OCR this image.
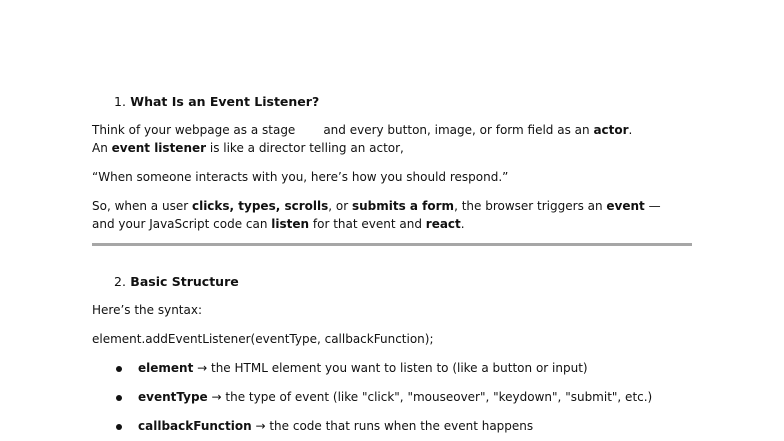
1. What Is an Event Listener?
Think of your webpage as a stage and every button, image, or form field as an actor.
An event listener is like a director telling an actor,
“When someone interacts with you, here’s how you should respond.”
So, when a user clicks, types, scrolls, or submits a form, the browser triggers an event —
and your JavaScript code can listen for that event and react.
2. Basic Structure
Here’s the syntax:
element.addEventListener(eventType, callbackFunction);
element → the HTML element you want to listen to (like a button or input)
eventType → the type of event (like "click", "mouseover", "keydown", "submit", etc.)
callbackFunction → the code that runs when the event happens
